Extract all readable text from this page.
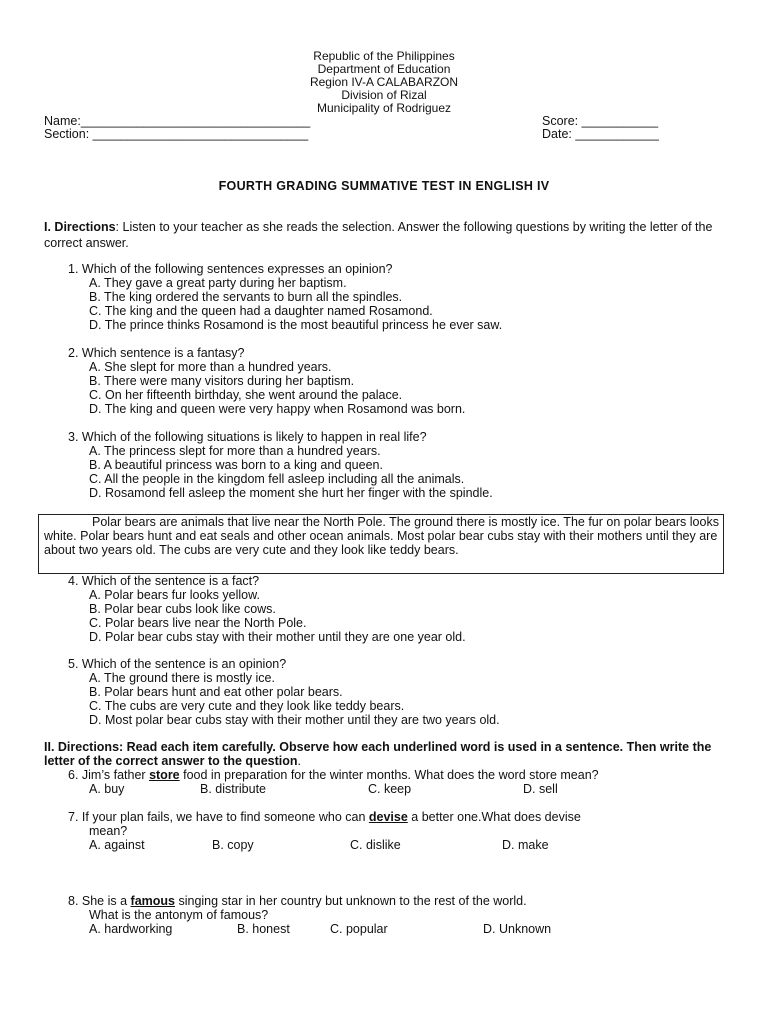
Republic of the Philippines
Department of Education
Region IV-A CALABARZON
Division of Rizal
Municipality of Rodriguez
Name:_________________________________
Section: _______________________________
Score: ___________
Date: ____________
FOURTH GRADING SUMMATIVE TEST IN ENGLISH IV
I. Directions: Listen to your teacher as she reads the selection. Answer the following questions by writing the letter of the correct answer.
1. Which of the following sentences expresses an opinion?
A. They gave a great party during her baptism.
B. The king ordered the servants to burn all the spindles.
C. The king and the queen had a daughter named Rosamond.
D. The prince thinks Rosamond is the most beautiful princess he ever saw.
2. Which sentence is a fantasy?
A. She slept for more than a hundred years.
B. There were many visitors during her baptism.
C. On her fifteenth birthday, she went around the palace.
D. The king and queen were very happy when Rosamond was born.
3. Which of the following situations is likely to happen in real life?
A. The princess slept for more than a hundred years.
B. A beautiful princess was born to a king and queen.
C. All the people in the kingdom fell asleep including all the animals.
D. Rosamond fell asleep the moment she hurt her finger with the spindle.
Polar bears are animals that live near the North Pole. The ground there is mostly ice. The fur on polar bears looks white. Polar bears hunt and eat seals and other ocean animals. Most polar bear cubs stay with their mothers until they are about two years old. The cubs are very cute and they look like teddy bears.
4. Which of the sentence is a fact?
A. Polar bears fur looks yellow.
B. Polar bear cubs look like cows.
C. Polar bears live near the North Pole.
D. Polar bear cubs stay with their mother until they are one year old.
5. Which of the sentence is an opinion?
A. The ground there is mostly ice.
B. Polar bears hunt and eat other polar bears.
C. The cubs are very cute and they look like teddy bears.
D. Most polar bear cubs stay with their mother until they are two years old.
II. Directions: Read each item carefully. Observe how each underlined word is used in a sentence. Then write the letter of the correct answer to the question.
6. Jim’s father store food in preparation for the winter months. What does the word store mean?
A. buy	B. distribute	C. keep	D. sell
7. If your plan fails, we have to find someone who can devise a better one.What does devise
mean?
A. against	B. copy	C. dislike	D. make
8. She is a famous singing star in her country but unknown to the rest of the world.
What is the antonym of famous?
A. hardworking	B. honest	C. popular	D. Unknown
